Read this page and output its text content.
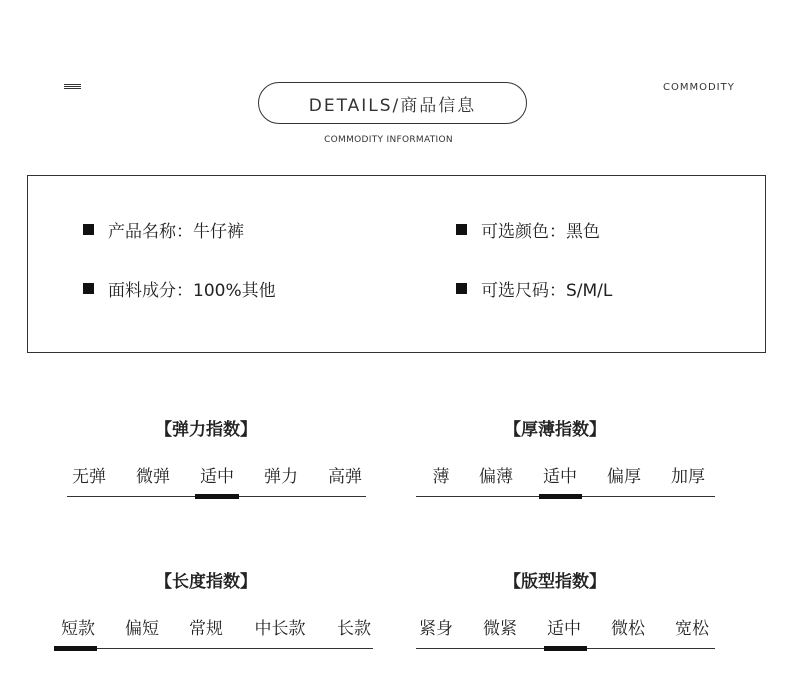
DETAILS/商品信息
COMMODITY INFORMATION
COMMODITY
产品名称：牛仔裤	可选颜色：黑色
面料成分：100%其他	可选尺码：S/M/L
【弹力指数】
无弹 微弹 适中 弹力 高弹
【厚薄指数】
薄 偏薄 适中 偏厚 加厚
【长度指数】
短款 偏短 常规 中长款 长款
【版型指数】
紧身 微紧 适中 微松 宽松
